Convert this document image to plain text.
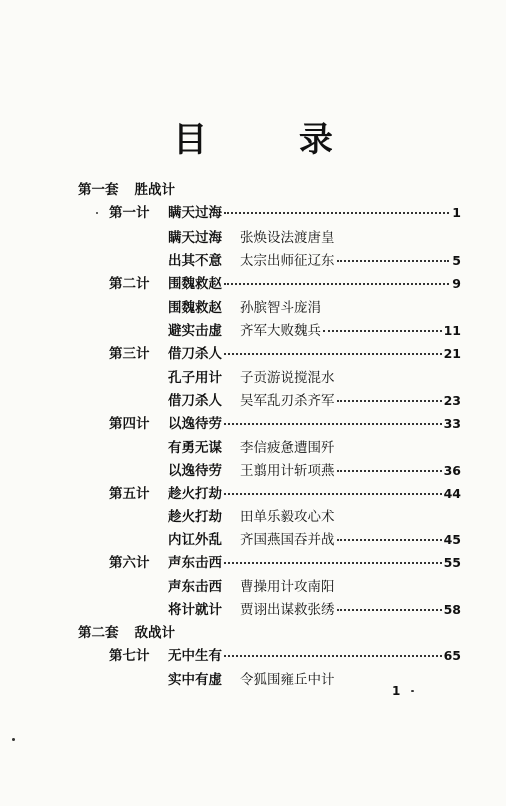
目 录
第一套 胜战计
第一计	瞒天过海	1
瞒天过海	张焕设法渡唐皇
出其不意	太宗出师征辽东	5
第二计	围魏救赵	9
围魏救赵	孙膑智斗庞涓
避实击虚	齐军大败魏兵	11
第三计	借刀杀人	21
孔子用计	子贡游说搅混水
借刀杀人	吴军乱刃杀齐军	23
第四计	以逸待劳	33
有勇无谋	李信疲惫遭围歼
以逸待劳	王翦用计斩项燕	36
第五计	趁火打劫	44
趁火打劫	田单乐毅攻心术
内讧外乱	齐国燕国吞并战	45
第六计	声东击西	55
声东击西	曹操用计攻南阳
将计就计	贾诩出谋救张绣	58
第二套 敌战计
第七计	无中生有	65
实中有虚	令狐围雍丘中计
1
